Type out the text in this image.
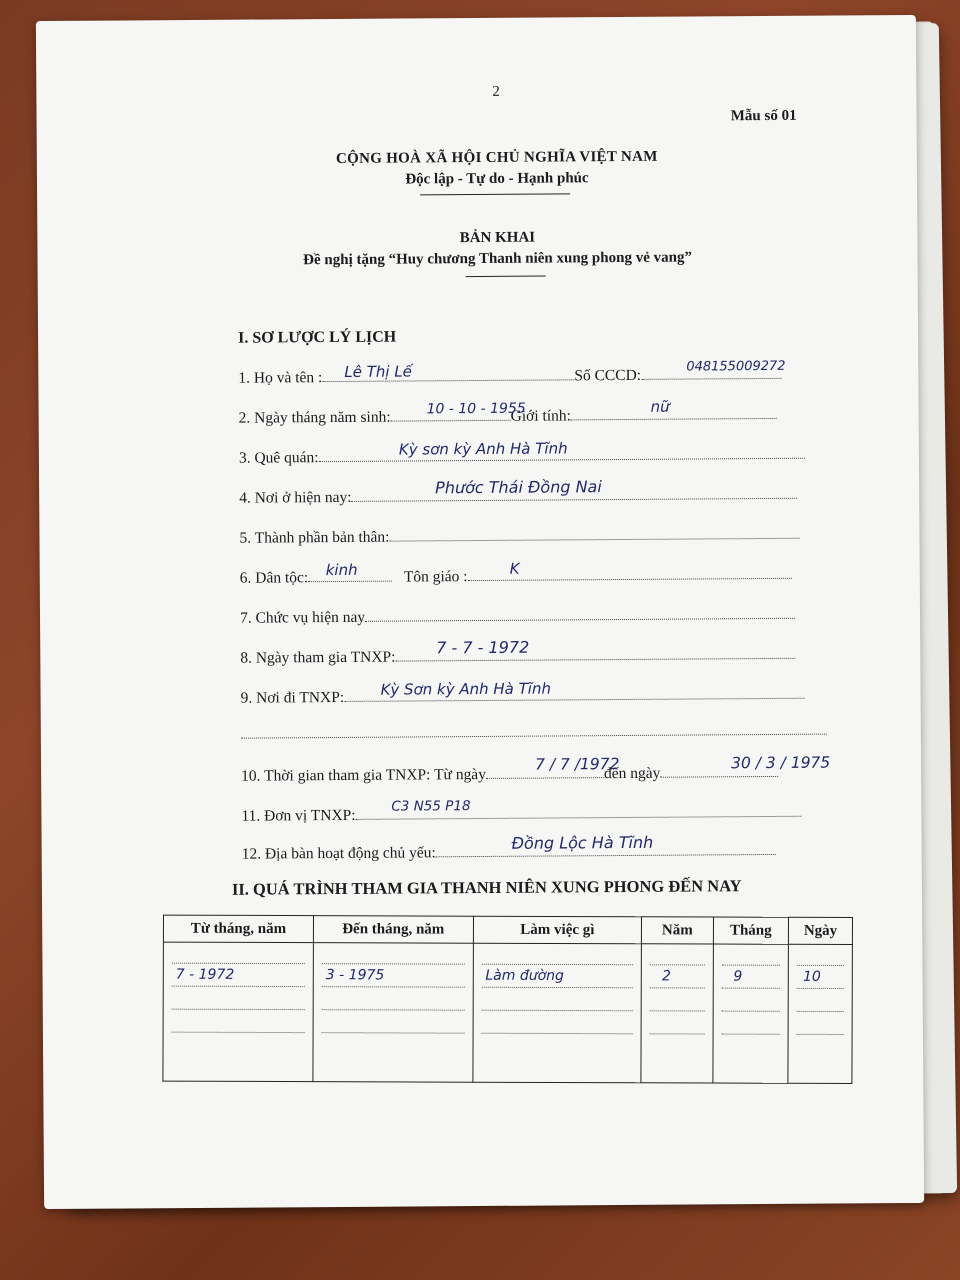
2
Mẫu số 01
CỘNG HOÀ XÃ HỘI CHỦ NGHĨA VIỆT NAM
Độc lập - Tự do - Hạnh phúc
BẢN KHAI
Đề nghị tặng “Huy chương Thanh niên xung phong vẻ vang”
I. SƠ LƯỢC LÝ LỊCH
1. Họ và tên :	Số CCCD:
Lê Thị Lế	048155009272
2. Ngày tháng năm sinh:	Giới tính:
10 - 10 - 1955	nữ
3. Quê quán:	Kỳ sơn kỳ Anh Hà Tĩnh
4. Nơi ở hiện nay:
Phước Thái Đồng Nai
5. Thành phần bản thân:
6. Dân tộc:	Tôn giáo :
kinh	K
7. Chức vụ hiện nay
8. Ngày tham gia TNXP:
7 - 7 - 1972
9. Nơi đi TNXP:	Kỳ Sơn kỳ Anh Hà Tĩnh
10. Thời gian tham gia TNXP: Từ ngày	đến ngày
7 / 7 /1972	30 / 3 / 1975
11. Đơn vị TNXP:
C3 N55 P18
12. Địa bàn hoạt động chủ yếu:
Đồng Lộc Hà Tĩnh
II. QUÁ TRÌNH THAM GIA THANH NIÊN XUNG PHONG ĐẾN NAY
Từ tháng, năm	Đến tháng, năm	Làm việc gì	Năm	Tháng	Ngày

7 - 1972	3 - 1975	Làm đường	2	9	10
